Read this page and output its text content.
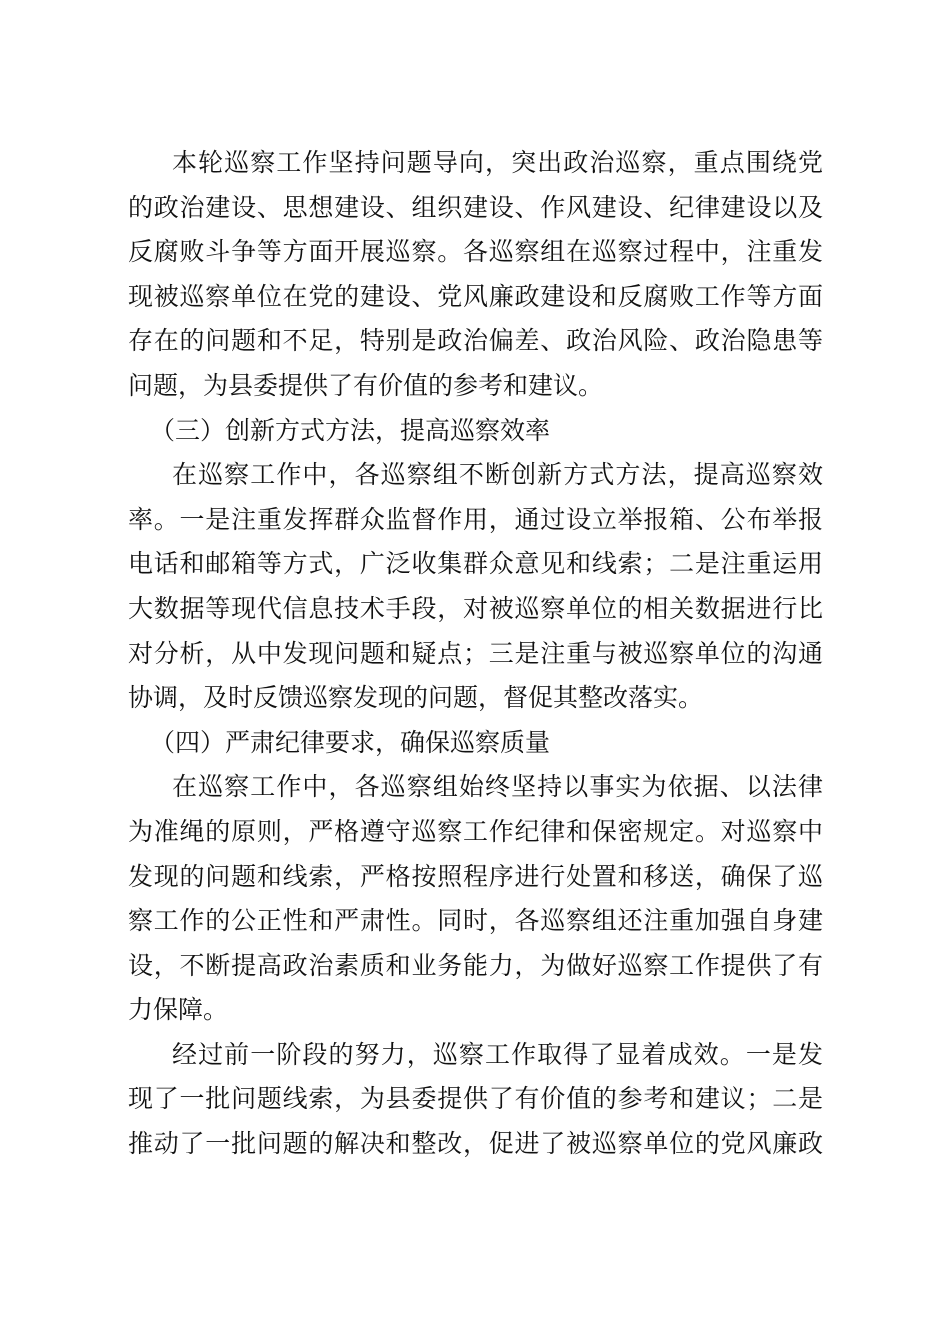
本轮巡察工作坚持问题导向，突出政治巡察，重点围绕党
的政治建设、思想建设、组织建设、作风建设、纪律建设以及
反腐败斗争等方面开展巡察。各巡察组在巡察过程中，注重发
现被巡察单位在党的建设、党风廉政建设和反腐败工作等方面
存在的问题和不足，特别是政治偏差、政治风险、政治隐患等
问题，为县委提供了有价值的参考和建议。
（三）创新方式方法，提高巡察效率
在巡察工作中，各巡察组不断创新方式方法，提高巡察效
率。一是注重发挥群众监督作用，通过设立举报箱、公布举报
电话和邮箱等方式，广泛收集群众意见和线索；二是注重运用
大数据等现代信息技术手段，对被巡察单位的相关数据进行比
对分析，从中发现问题和疑点；三是注重与被巡察单位的沟通
协调，及时反馈巡察发现的问题，督促其整改落实。
（四）严肃纪律要求，确保巡察质量
在巡察工作中，各巡察组始终坚持以事实为依据、以法律
为准绳的原则，严格遵守巡察工作纪律和保密规定。对巡察中
发现的问题和线索，严格按照程序进行处置和移送，确保了巡
察工作的公正性和严肃性。同时，各巡察组还注重加强自身建
设，不断提高政治素质和业务能力，为做好巡察工作提供了有
力保障。
经过前一阶段的努力，巡察工作取得了显着成效。一是发
现了一批问题线索，为县委提供了有价值的参考和建议；二是
推动了一批问题的解决和整改，促进了被巡察单位的党风廉政
